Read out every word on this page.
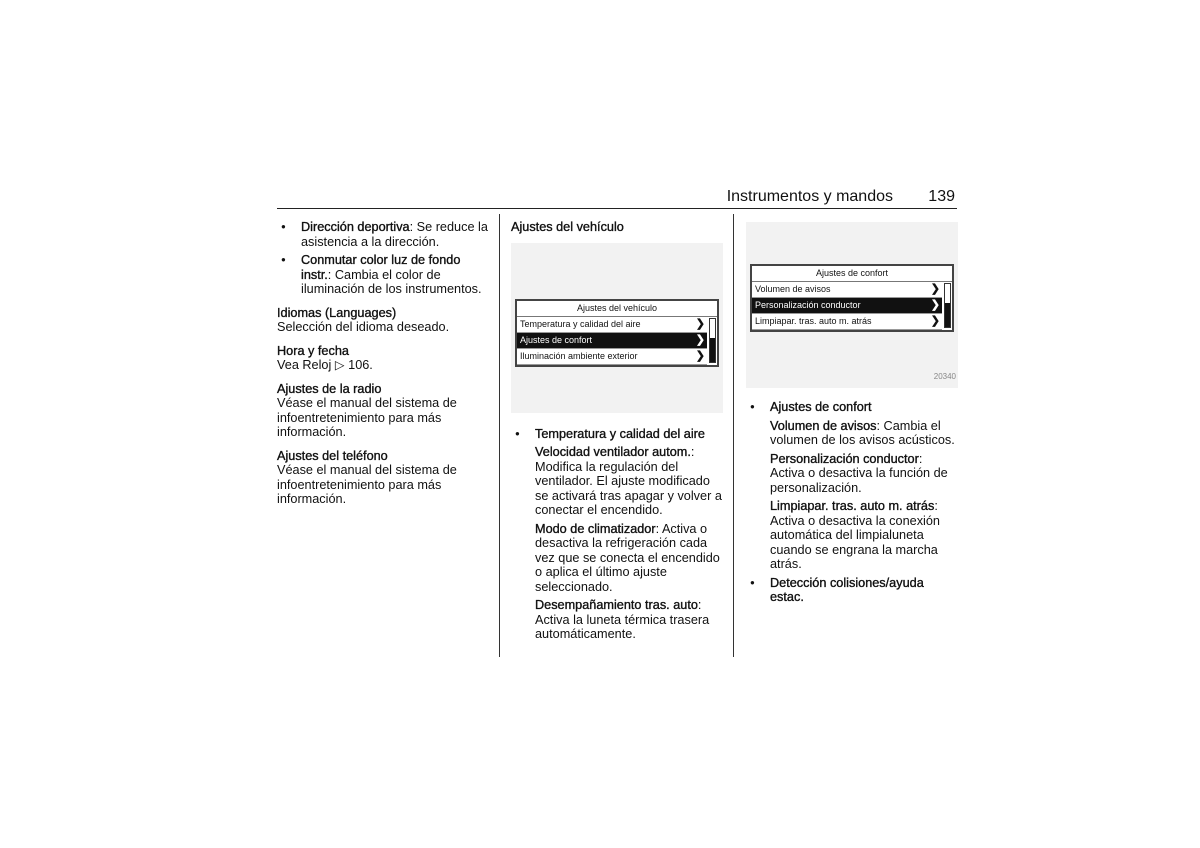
Instrumentos y mandos 139
● Dirección deportiva: Se reduce la asistencia a la dirección.
● Conmutar color luz de fondo instr.: Cambia el color de iluminación de los instrumentos.
Idiomas (Languages)
Selección del idioma deseado.
Hora y fecha
Vea Reloj ▷ 106.
Ajustes de la radio
Véase el manual del sistema de infoentretenimiento para más información.
Ajustes del teléfono
Véase el manual del sistema de infoentretenimiento para más información.
Ajustes del vehículo
Ajustes del vehículo
Temperatura y calidad del aire	❯
Ajustes de confort	❯
Iluminación ambiente exterior	❯
● Temperatura y calidad del aire
Velocidad ventilador autom.: Modifica la regulación del ventilador. El ajuste modificado se activará tras apagar y volver a conectar el encendido.
Modo de climatizador: Activa o desactiva la refrigeración cada vez que se conecta el encendido o aplica el último ajuste seleccionado.
Desempañamiento tras. auto: Activa la luneta térmica trasera automáticamente.
Ajustes de confort
Volumen de avisos	❯
Personalización conductor	❯
Limpiapar. tras. auto m. atrás	❯
20340
● Ajustes de confort
Volumen de avisos: Cambia el volumen de los avisos acústicos.
Personalización conductor: Activa o desactiva la función de personalización.
Limpiapar. tras. auto m. atrás: Activa o desactiva la conexión automática del limpialuneta cuando se engrana la marcha atrás.
● Detección colisiones/ayuda estac.
